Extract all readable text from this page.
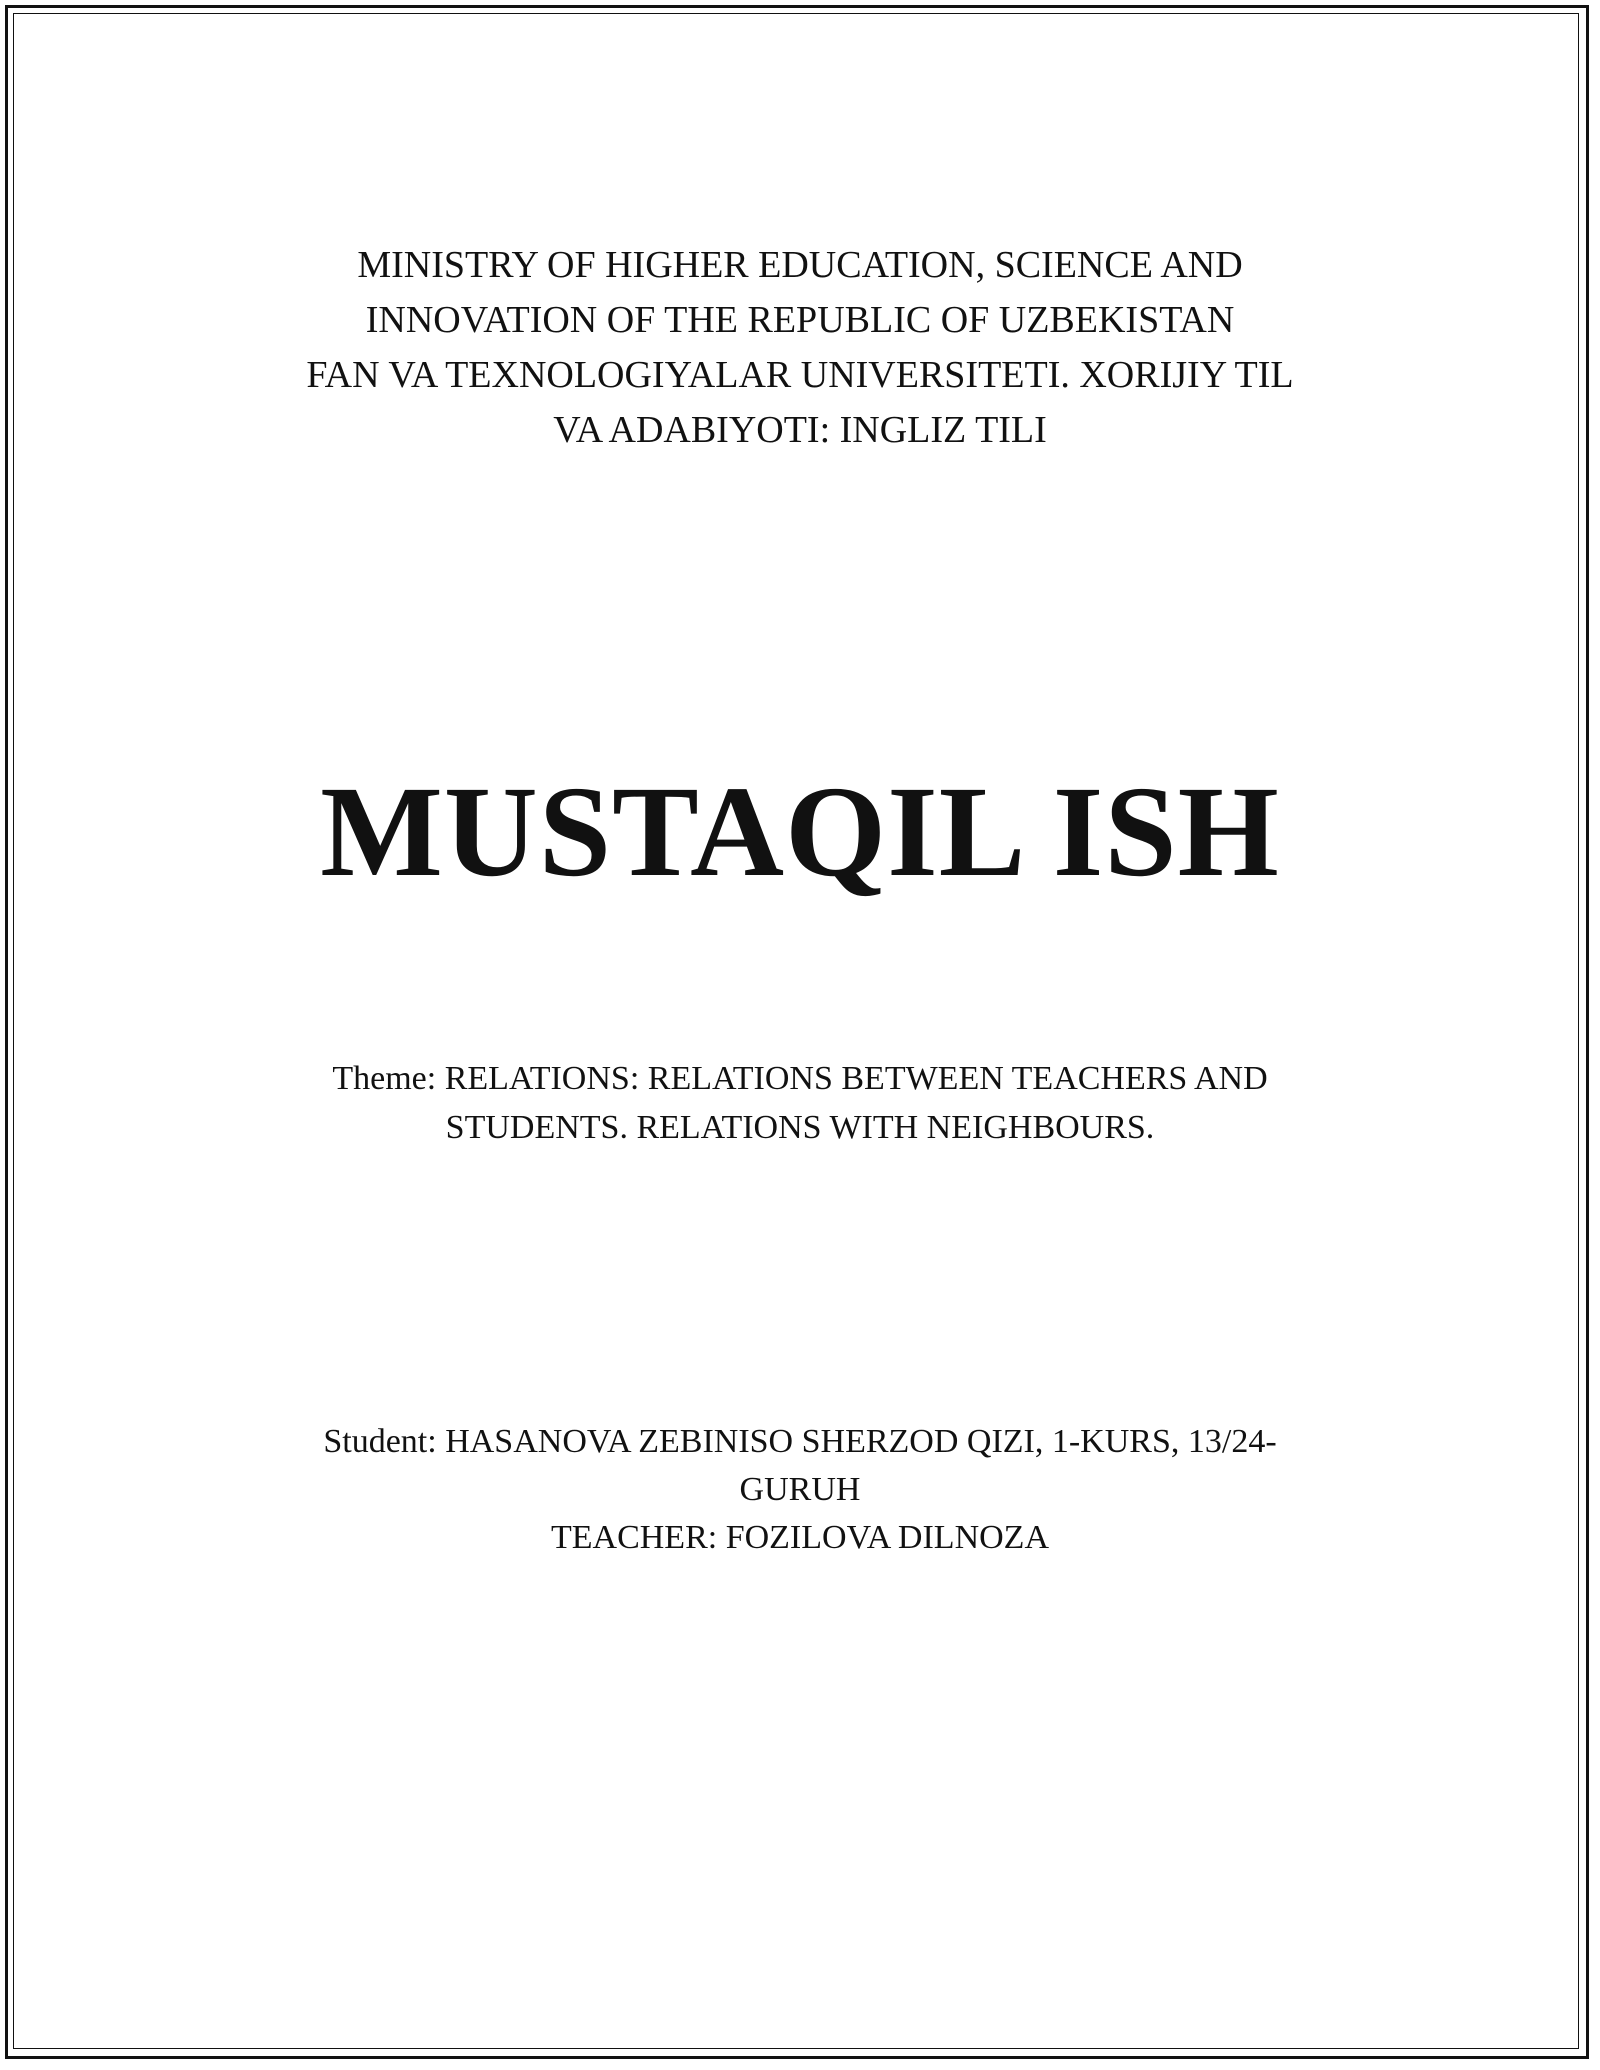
MINISTRY OF HIGHER EDUCATION, SCIENCE AND
INNOVATION OF THE REPUBLIC OF UZBEKISTAN
FAN VA TEXNOLOGIYALAR UNIVERSITETI. XORIJIY TIL
VA ADABIYOTI: INGLIZ TILI
MUSTAQIL ISH
Theme: RELATIONS: RELATIONS BETWEEN TEACHERS AND
STUDENTS. RELATIONS WITH NEIGHBOURS.
Student: HASANOVA ZEBINISO SHERZOD QIZI, 1-KURS, 13/24-
GURUH
TEACHER: FOZILOVA DILNOZA
